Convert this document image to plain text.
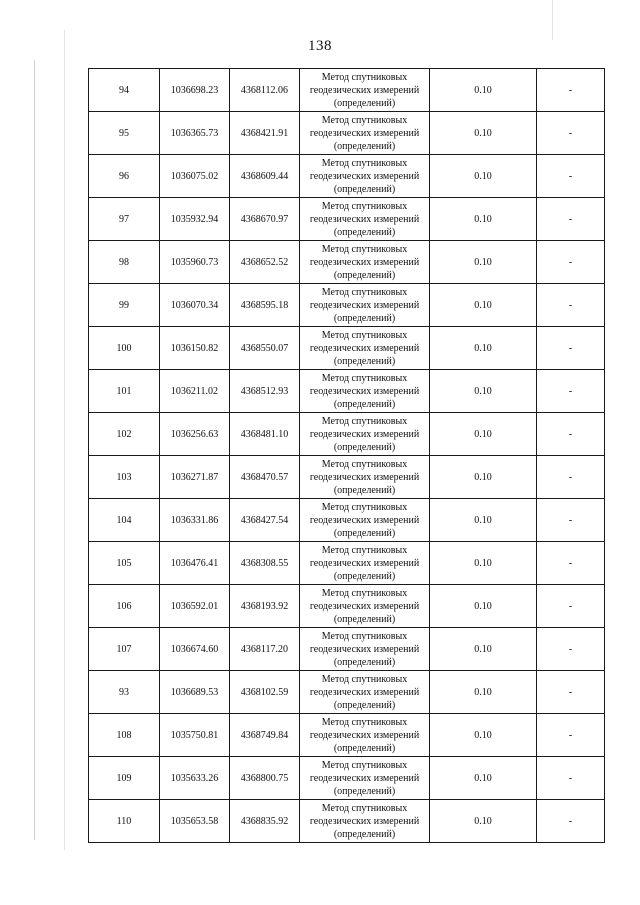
138
94	1036698.23	4368112.06	Метод спутниковых
геодезических измерений
(определений)	0.10	-
95	1036365.73	4368421.91	Метод спутниковых
геодезических измерений
(определений)	0.10	-
96	1036075.02	4368609.44	Метод спутниковых
геодезических измерений
(определений)	0.10	-
97	1035932.94	4368670.97	Метод спутниковых
геодезических измерений
(определений)	0.10	-
98	1035960.73	4368652.52	Метод спутниковых
геодезических измерений
(определений)	0.10	-
99	1036070.34	4368595.18	Метод спутниковых
геодезических измерений
(определений)	0.10	-
100	1036150.82	4368550.07	Метод спутниковых
геодезических измерений
(определений)	0.10	-
101	1036211.02	4368512.93	Метод спутниковых
геодезических измерений
(определений)	0.10	-
102	1036256.63	4368481.10	Метод спутниковых
геодезических измерений
(определений)	0.10	-
103	1036271.87	4368470.57	Метод спутниковых
геодезических измерений
(определений)	0.10	-
104	1036331.86	4368427.54	Метод спутниковых
геодезических измерений
(определений)	0.10	-
105	1036476.41	4368308.55	Метод спутниковых
геодезических измерений
(определений)	0.10	-
106	1036592.01	4368193.92	Метод спутниковых
геодезических измерений
(определений)	0.10	-
107	1036674.60	4368117.20	Метод спутниковых
геодезических измерений
(определений)	0.10	-
93	1036689.53	4368102.59	Метод спутниковых
геодезических измерений
(определений)	0.10	-
108	1035750.81	4368749.84	Метод спутниковых
геодезических измерений
(определений)	0.10	-
109	1035633.26	4368800.75	Метод спутниковых
геодезических измерений
(определений)	0.10	-
110	1035653.58	4368835.92	Метод спутниковых
геодезических измерений
(определений)	0.10	-
